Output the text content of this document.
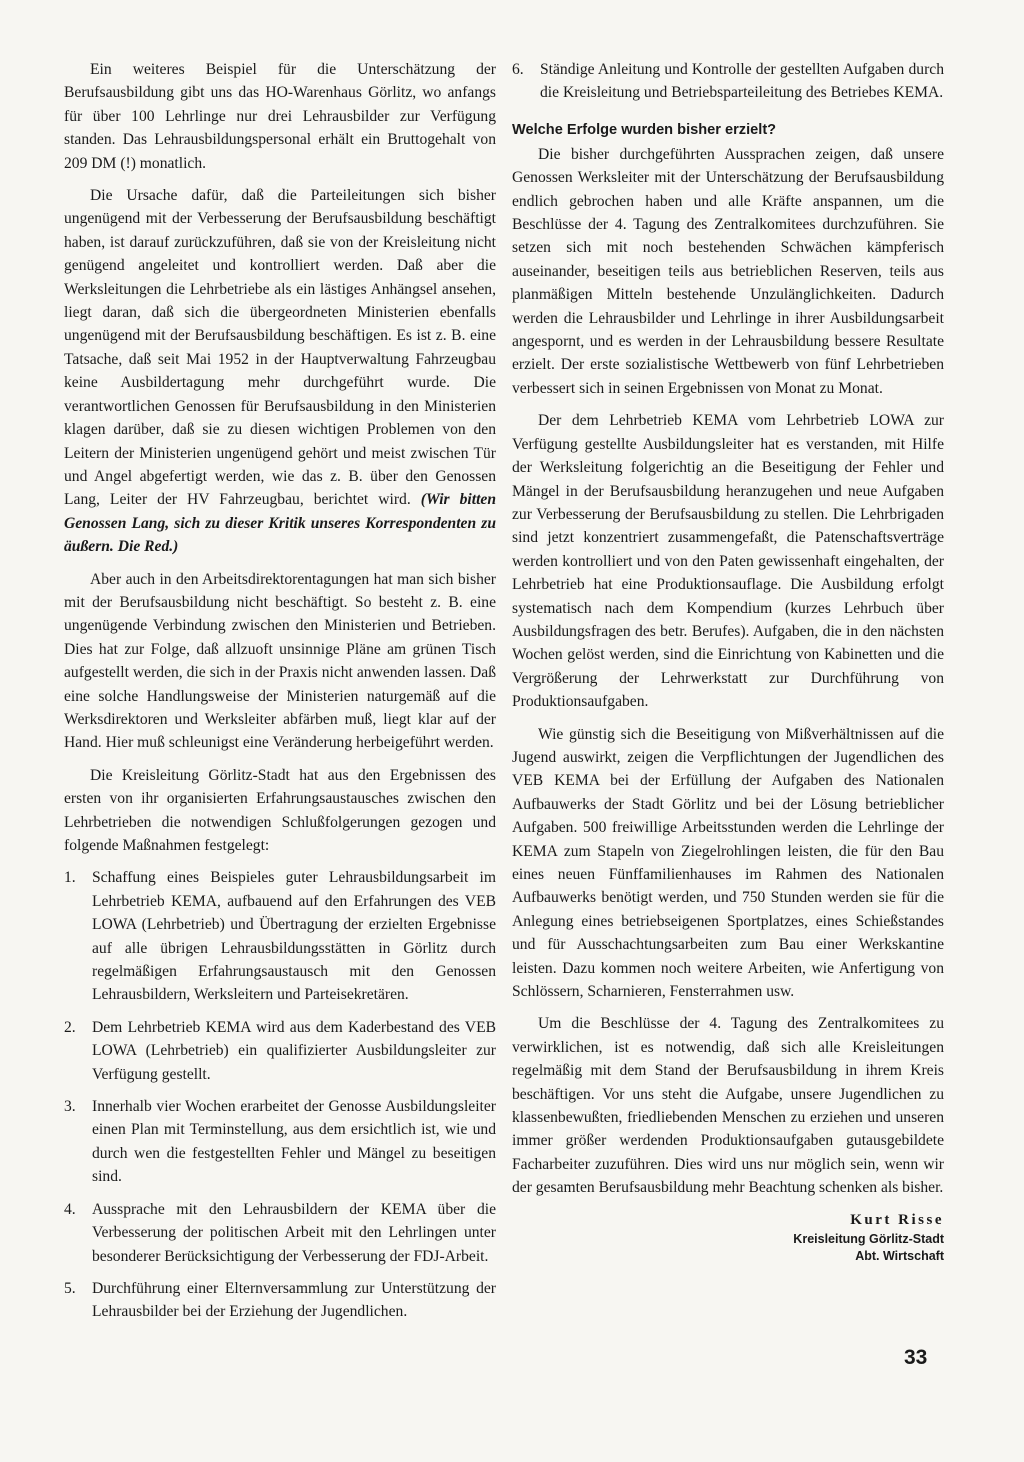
Ein weiteres Beispiel für die Unterschätzung der Berufsausbildung gibt uns das HO-Warenhaus Görlitz, wo anfangs für über 100 Lehrlinge nur drei Lehrausbilder zur Verfügung standen. Das Lehrausbildungspersonal erhält ein Bruttogehalt von 209 DM (!) monatlich.

Die Ursache dafür, daß die Parteileitungen sich bisher ungenügend mit der Verbesserung der Berufsausbildung beschäftigt haben, ist darauf zurückzuführen, daß sie von der Kreisleitung nicht genügend angeleitet und kontrolliert werden. Daß aber die Werksleitungen die Lehrbetriebe als ein lästiges Anhängsel ansehen, liegt daran, daß sich die übergeordneten Ministerien ebenfalls ungenügend mit der Berufsausbildung beschäftigen. Es ist z. B. eine Tatsache, daß seit Mai 1952 in der Hauptverwaltung Fahrzeugbau keine Ausbildertagung mehr durchgeführt wurde. Die verantwortlichen Genossen für Berufsausbildung in den Ministerien klagen darüber, daß sie zu diesen wichtigen Problemen von den Leitern der Ministerien ungenügend gehört und meist zwischen Tür und Angel abgefertigt werden, wie das z. B. über den Genossen Lang, Leiter der HV Fahrzeugbau, berichtet wird. (Wir bitten Genossen Lang, sich zu dieser Kritik unseres Korrespondenten zu äußern. Die Red.)

Aber auch in den Arbeitsdirektorentagungen hat man sich bisher mit der Berufsausbildung nicht beschäftigt. So besteht z. B. eine ungenügende Verbindung zwischen den Ministerien und Betrieben. Dies hat zur Folge, daß allzuoft unsinnige Pläne am grünen Tisch aufgestellt werden, die sich in der Praxis nicht anwenden lassen. Daß eine solche Handlungsweise der Ministerien naturgemäß auf die Werksdirektoren und Werksleiter abfärben muß, liegt klar auf der Hand. Hier muß schleunigst eine Veränderung herbeigeführt werden.

Die Kreisleitung Görlitz-Stadt hat aus den Ergebnissen des ersten von ihr organisierten Erfahrungsaustausches zwischen den Lehrbetrieben die notwendigen Schlußfolgerungen gezogen und folgende Maßnahmen festgelegt:

1.	Schaffung eines Beispieles guter Lehrausbildungsarbeit im Lehrbetrieb KEMA, aufbauend auf den Erfahrungen des VEB LOWA (Lehrbetrieb) und Übertragung der erzielten Ergebnisse auf alle übrigen Lehrausbildungsstätten in Görlitz durch regelmäßigen Erfahrungsaustausch mit den Genossen Lehrausbildern, Werksleitern und Parteisekretären.
2.	Dem Lehrbetrieb KEMA wird aus dem Kaderbestand des VEB LOWA (Lehrbetrieb) ein qualifizierter Ausbildungsleiter zur Verfügung gestellt.
3.	Innerhalb vier Wochen erarbeitet der Genosse Ausbildungsleiter einen Plan mit Terminstellung, aus dem ersichtlich ist, wie und durch wen die festgestellten Fehler und Mängel zu beseitigen sind.
4.	Aussprache mit den Lehrausbildern der KEMA über die Verbesserung der politischen Arbeit mit den Lehrlingen unter besonderer Berücksichtigung der Verbesserung der FDJ-Arbeit.
5.	Durchführung einer Elternversammlung zur Unterstützung der Lehrausbilder bei der Erziehung der Jugendlichen.
6.	Ständige Anleitung und Kontrolle der gestellten Aufgaben durch die Kreisleitung und Betriebsparteileitung des Betriebes KEMA.
Welche Erfolge wurden bisher erzielt?

Die bisher durchgeführten Aussprachen zeigen, daß unsere Genossen Werksleiter mit der Unterschätzung der Berufsausbildung endlich gebrochen haben und alle Kräfte anspannen, um die Beschlüsse der 4. Tagung des Zentralkomitees durchzuführen. Sie setzen sich mit noch bestehenden Schwächen kämpferisch auseinander, beseitigen teils aus betrieblichen Reserven, teils aus planmäßigen Mitteln bestehende Unzulänglichkeiten. Dadurch werden die Lehrausbilder und Lehrlinge in ihrer Ausbildungsarbeit angespornt, und es werden in der Lehrausbildung bessere Resultate erzielt. Der erste sozialistische Wettbewerb von fünf Lehrbetrieben verbessert sich in seinen Ergebnissen von Monat zu Monat.

Der dem Lehrbetrieb KEMA vom Lehrbetrieb LOWA zur Verfügung gestellte Ausbildungsleiter hat es verstanden, mit Hilfe der Werksleitung folgerichtig an die Beseitigung der Fehler und Mängel in der Berufsausbildung heranzugehen und neue Aufgaben zur Verbesserung der Berufsausbildung zu stellen. Die Lehrbrigaden sind jetzt konzentriert zusammengefaßt, die Patenschaftsverträge werden kontrolliert und von den Paten gewissenhaft eingehalten, der Lehrbetrieb hat eine Produktionsauflage. Die Ausbildung erfolgt systematisch nach dem Kompendium (kurzes Lehrbuch über Ausbildungsfragen des betr. Berufes). Aufgaben, die in den nächsten Wochen gelöst werden, sind die Einrichtung von Kabinetten und die Vergrößerung der Lehrwerkstatt zur Durchführung von Produktionsaufgaben.

Wie günstig sich die Beseitigung von Mißverhältnissen auf die Jugend auswirkt, zeigen die Verpflichtungen der Jugendlichen des VEB KEMA bei der Erfüllung der Aufgaben des Nationalen Aufbauwerks der Stadt Görlitz und bei der Lösung betrieblicher Aufgaben. 500 freiwillige Arbeitsstunden werden die Lehrlinge der KEMA zum Stapeln von Ziegelrohlingen leisten, die für den Bau eines neuen Fünffamilienhauses im Rahmen des Nationalen Aufbauwerks benötigt werden, und 750 Stunden werden sie für die Anlegung eines betriebseigenen Sportplatzes, eines Schießstandes und für Ausschachtungsarbeiten zum Bau einer Werkskantine leisten. Dazu kommen noch weitere Arbeiten, wie Anfertigung von Schlössern, Scharnieren, Fensterrahmen usw.

Um die Beschlüsse der 4. Tagung des Zentralkomitees zu verwirklichen, ist es notwendig, daß sich alle Kreisleitungen regelmäßig mit dem Stand der Berufsausbildung in ihrem Kreis beschäftigen. Vor uns steht die Aufgabe, unsere Jugendlichen zu klassenbewußten, friedliebenden Menschen zu erziehen und unseren immer größer werdenden Produktionsaufgaben gutausgebildete Facharbeiter zuzuführen. Dies wird uns nur möglich sein, wenn wir der gesamten Berufsausbildung mehr Beachtung schenken als bisher.

Kurt Risse
Kreisleitung Görlitz-Stadt
Abt. Wirtschaft
33
